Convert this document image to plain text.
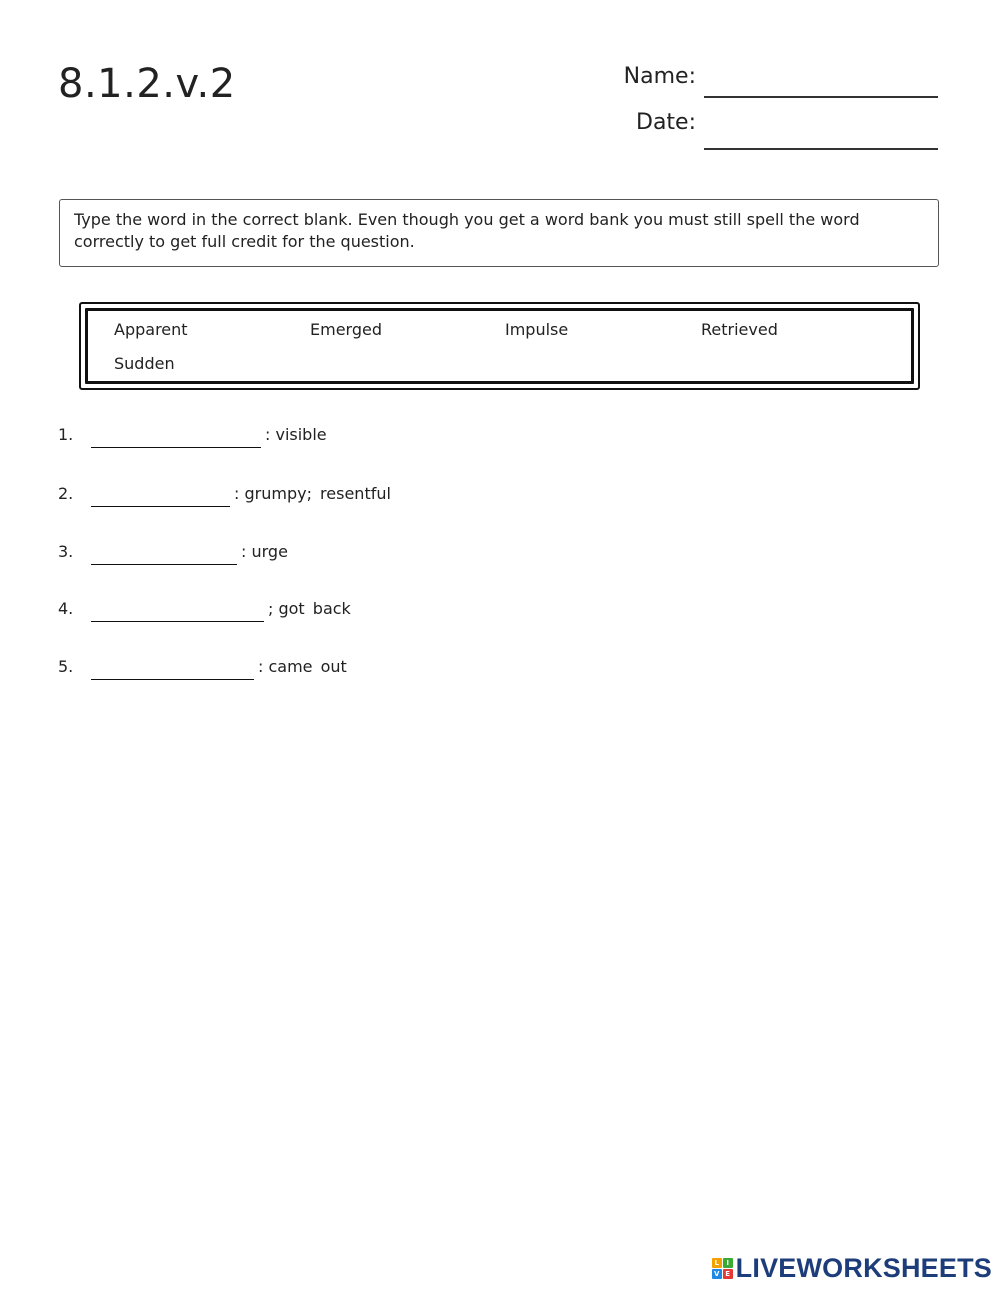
8.1.2.v.2	Name:
Date:
Type the word in the correct blank. Even though you get a word bank you must still spell the word correctly to get full credit for the question.
Apparent	Emerged	Impulse	Retrieved
Sudden
1.	:
visible
2.	:
grumpy; resentful
3.	:
urge
4.	;
got back
5.	:
came out
L	I
V E LIVEWORKSHEETS
